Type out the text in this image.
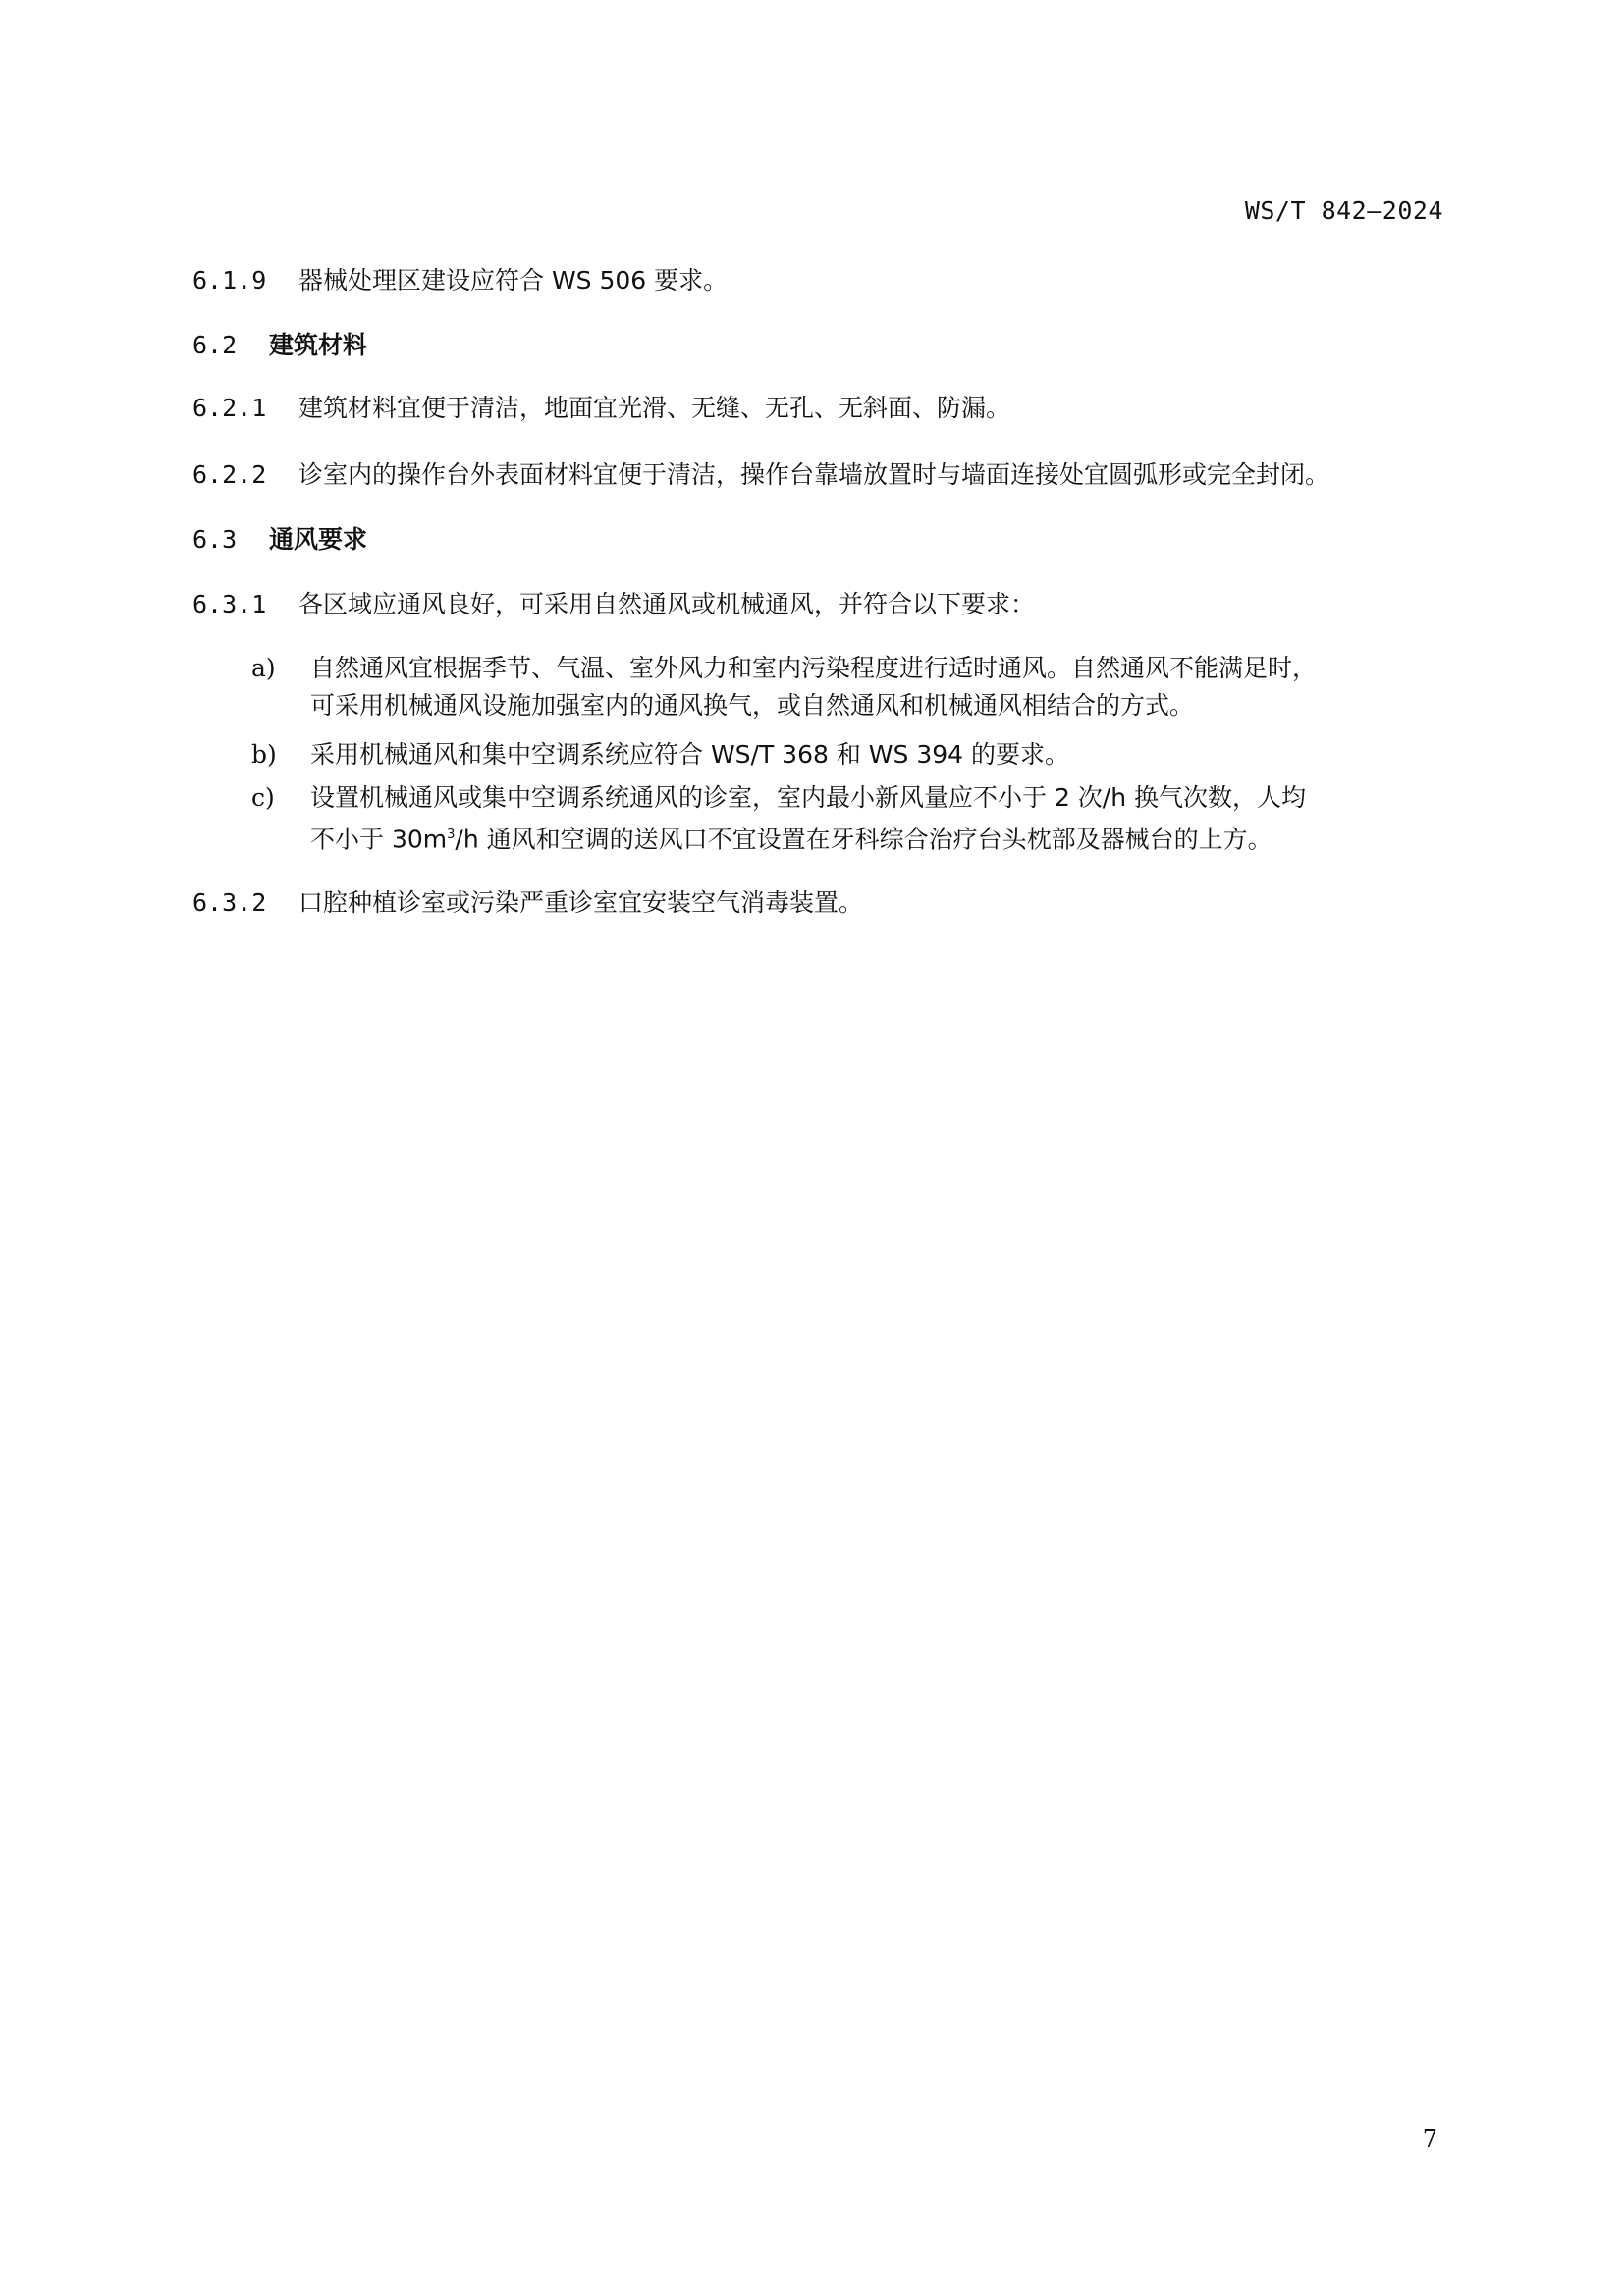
WS/T 842—2024
6.1.9 器械处理区建设应符合 WS 506 要求。
6.2 建筑材料
6.2.1 建筑材料宜便于清洁，地面宜光滑、无缝、无孔、无斜面、防漏。
6.2.2 诊室内的操作台外表面材料宜便于清洁，操作台靠墙放置时与墙面连接处宜圆弧形或完全封闭。
6.3 通风要求
6.3.1 各区域应通风良好，可采用自然通风或机械通风，并符合以下要求：
a)	自然通风宜根据季节、气温、室外风力和室内污染程度进行适时通风。自然通风不能满足时，
可采用机械通风设施加强室内的通风换气，或自然通风和机械通风相结合的方式。
b)	采用机械通风和集中空调系统应符合 WS/T 368 和 WS 394 的要求。
c)	设置机械通风或集中空调系统通风的诊室，室内最小新风量应不小于 2 次/h 换气次数，人均
不小于 $30m^3/h$ 通风和空调的送风口不宜设置在牙科综合治疗台头枕部及器械台的上方。
6.3.2 口腔种植诊室或污染严重诊室宜安装空气消毒装置。
7
